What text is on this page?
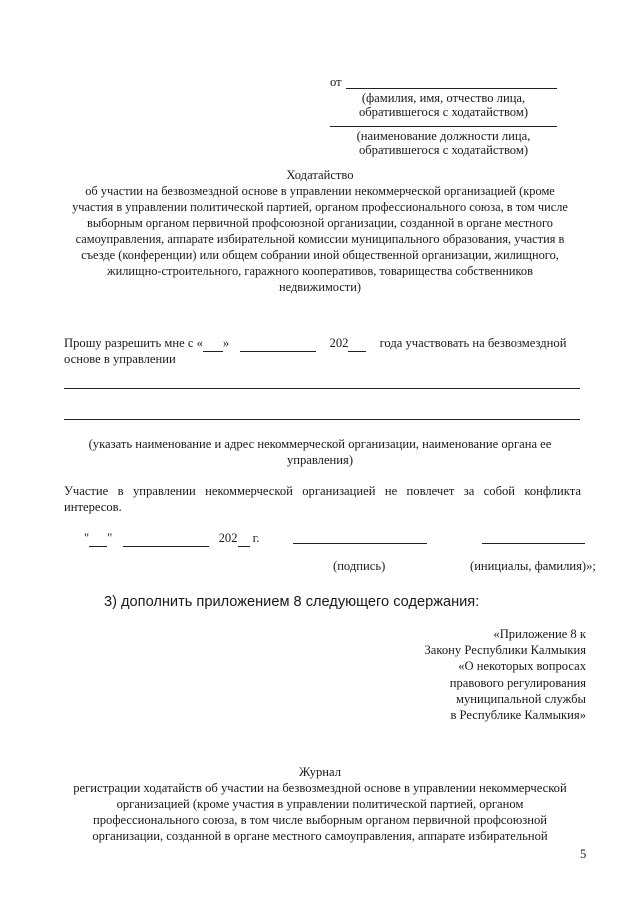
от
(фамилия, имя, отчество лица,
обратившегося с ходатайством)
(наименование должности лица,
обратившегося с ходатайством)
Ходатайство
об участии на безвозмездной основе в управлении некоммерческой организацией (кроме
участия в управлении политической партией, органом профессионального союза, в том числе
выборным органом первичной профсоюзной организации, созданной в органе местного
самоуправления, аппарате избирательной комиссии муниципального образования, участия в
съезде (конференции) или общем собрании иной общественной организации, жилищного,
жилищно-строительного, гаражного кооперативов, товарищества собственников
недвижимости)
Прошу разрешить мне с « »	202 года участвовать на безвозмездной
основе в управлении
(указать наименование и адрес некоммерческой организации, наименование органа ее
управления)
Участие в управлении некоммерческой организацией не повлечет за собой конфликта
интересов.
" "	202 г.
(подпись)	(инициалы, фамилия)»;
3) дополнить приложением 8 следующего содержания:
«Приложение 8 к
Закону Республики Калмыкия
«О некоторых вопросах
правового регулирования
муниципальной службы
в Республике Калмыкия»
Журнал
регистрации ходатайств об участии на безвозмездной основе в управлении некоммерческой
организацией (кроме участия в управлении политической партией, органом
профессионального союза, в том числе выборным органом первичной профсоюзной
организации, созданной в органе местного самоуправления, аппарате избирательной
5
